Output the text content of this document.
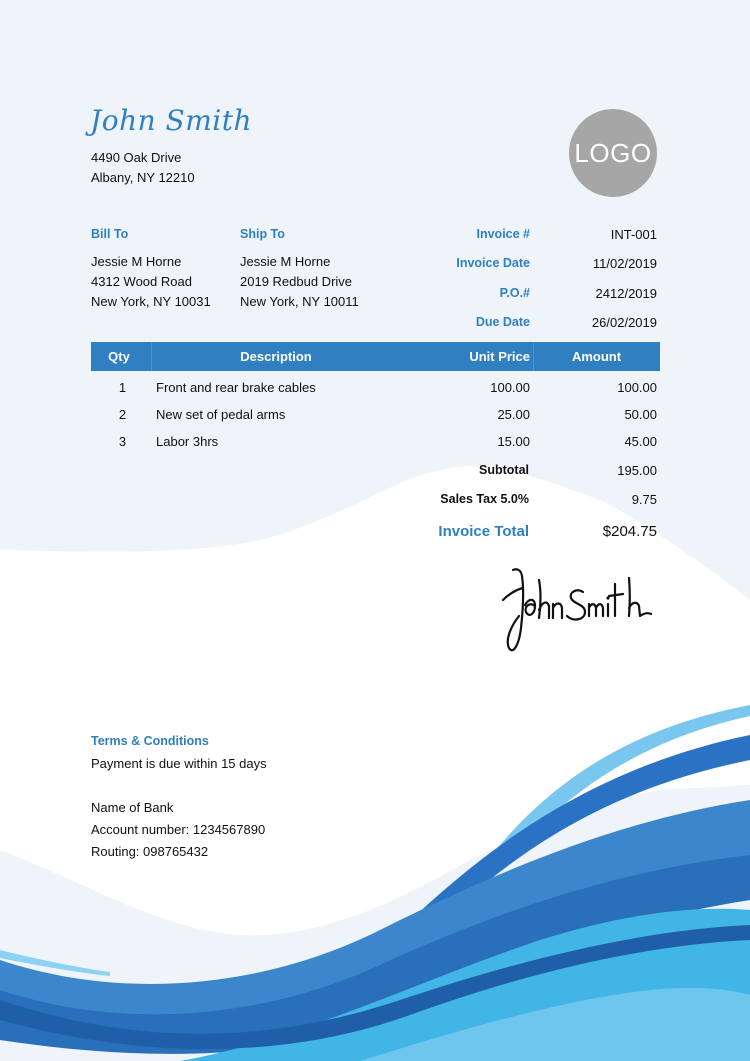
John Smith
4490 Oak Drive
Albany, NY 12210
LOGO
Bill To
Jessie M Horne
4312 Wood Road
New York, NY 10031
Ship To
Jessie M Horne
2019 Redbud Drive
New York, NY 10011
Invoice #	INT-001
Invoice Date	11/02/2019
P.O.#	2412/2019
Due Date	26/02/2019
Qty	Description	Unit Price	Amount
1	Front and rear brake cables	100.00	100.00
2	New set of pedal arms	25.00	50.00
3	Labor 3hrs	15.00	45.00
Subtotal	195.00
Sales Tax 5.0%	9.75
Invoice Total	$204.75
Terms & Conditions
Payment is due within 15 days
Name of Bank
Account number: 1234567890
Routing: 098765432
